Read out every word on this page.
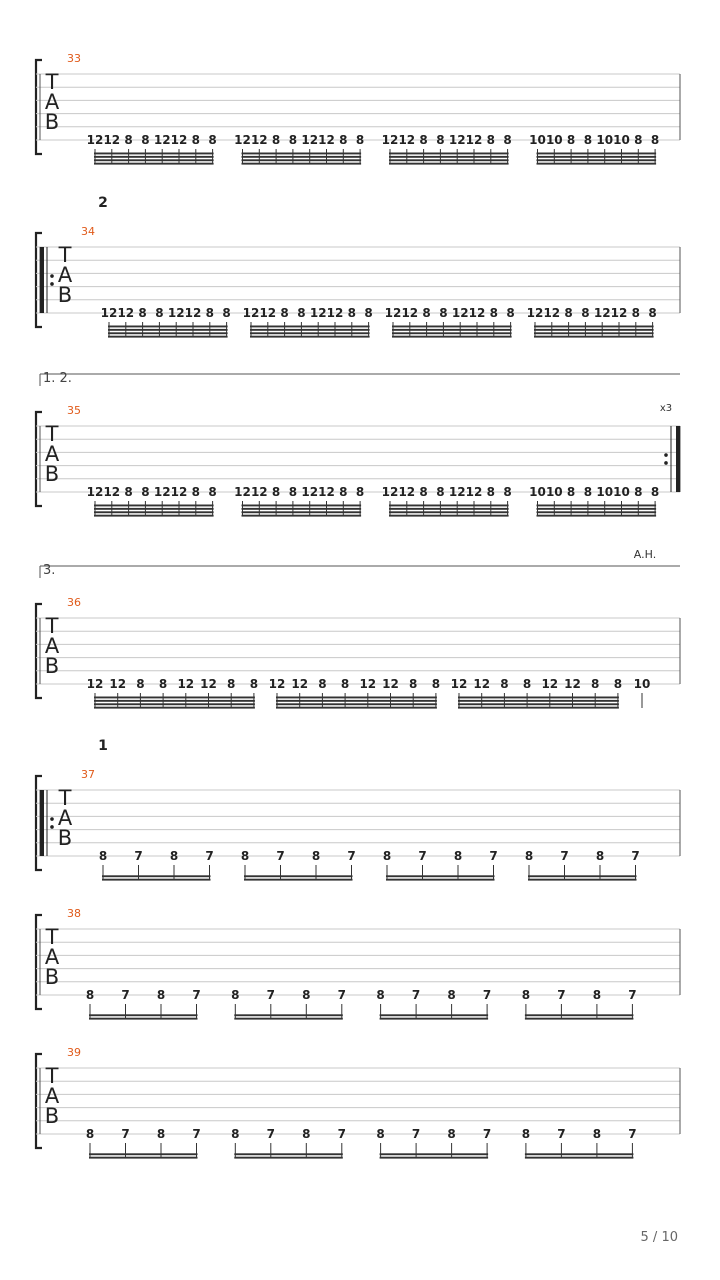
33
T
A
B
12 12 8 8 12 12 8 8 12 12 8 8 12 12 8 8 12 12 8 8 12 12 8 8 10 10 8 8 10 10 8 8
2
34
T
A
B
12 12 8 8 12 12 8 8 12 12 8 8 12 12 8 8 12 12 8 8 12 12 8 8 12 12 8 8 12 12 8 8
1. 2.
35	x3
T
A
B
12 12 8 8 12 12 8 8 12 12 8 8 12 12 8 8 12 12 8 8 12 12 8 8 10 10 8 8 10 10 8 8
3.
A.H.
36
T
A
B
12 12 8 8 12 12 8 8 12 12 8 8 12 12 8 8 12 12 8 8 12 12 8 8 10
1
37
T
A
B
8 7 8 7 8 7 8 7 8 7 8 7 8 7 8 7
38
T
A
B
8 7 8 7	8 7 8 7	8 7 8 7	8 7 8 7
39
T
A
B
8 7 8 7	8 7 8 7	8 7 8 7	8 7 8 7
5 / 10
